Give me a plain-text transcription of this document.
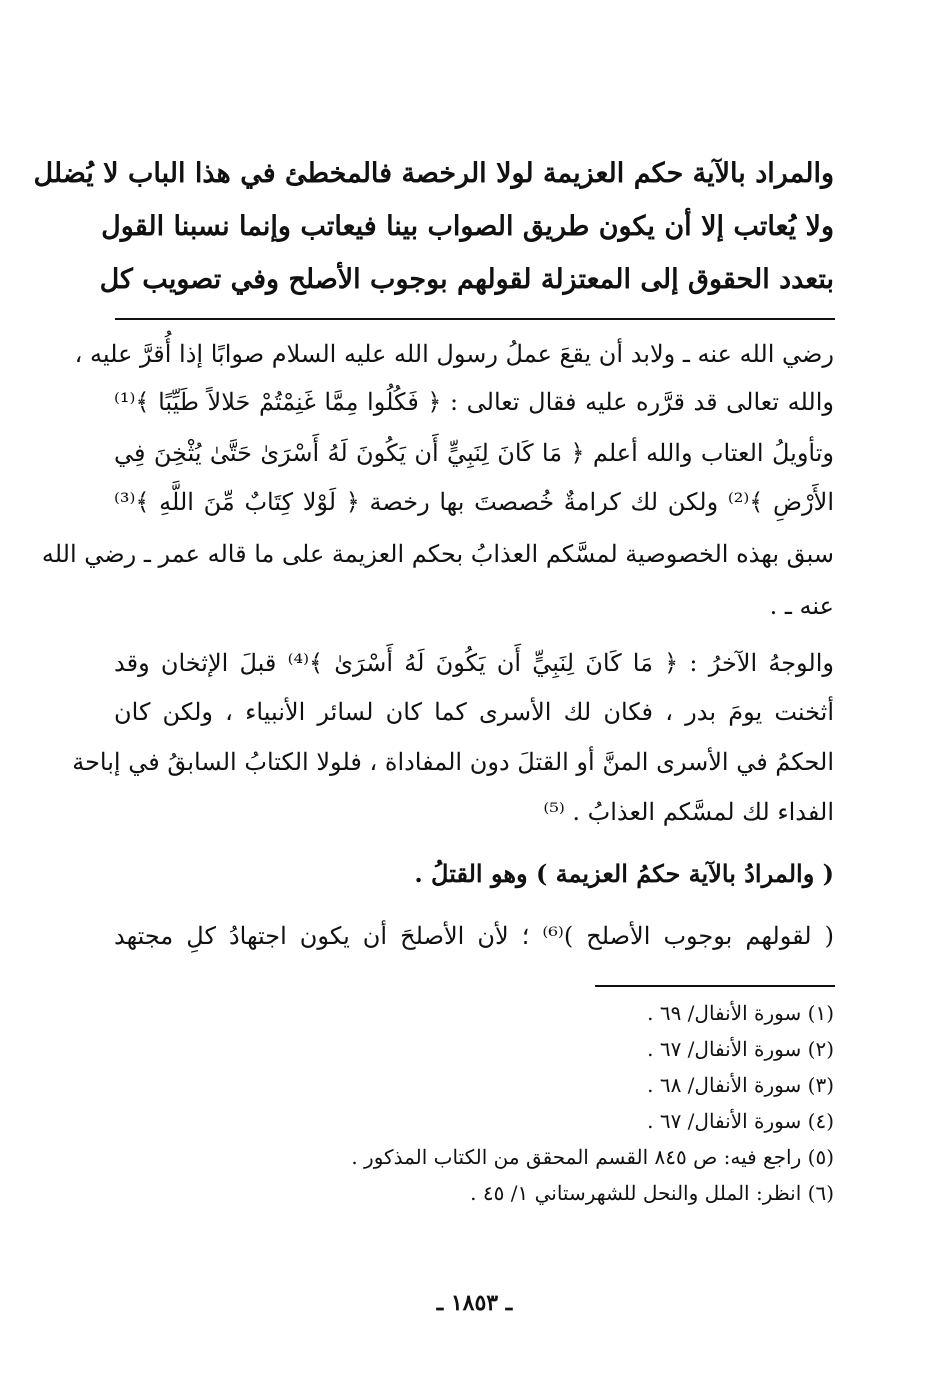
والمراد بالآية حكم العزيمة لولا الرخصة فالمخطئ في هذا الباب لا يُضلل
ولا يُعاتب إلا أن يكون طريق الصواب بينا فيعاتب وإنما نسبنا القول
بتعدد الحقوق إلى المعتزلة لقولهم بوجوب الأصلح وفي تصويب كل
رضي الله عنه ـ ولابد أن يقعَ عملُ رسول الله عليه السلام صوابًا إذا أُقرَّ عليه ،
والله تعالى قد قرَّره عليه فقال تعالى : ﴿ فَكُلُوا مِمَّا غَنِمْتُمْ حَلالاً طَيِّبًا ﴾⁽¹⁾
وتأويلُ العتاب والله أعلم ﴿ مَا كَانَ لِنَبِيٍّ أَن يَكُونَ لَهُ أَسْرَىٰ حَتَّىٰ يُثْخِنَ فِي
الأَرْضِ ﴾⁽²⁾ ولكن لك كرامةٌ خُصصتَ بها رخصة ﴿ لَوْلا كِتَابٌ مِّنَ اللَّهِ ﴾⁽³⁾
سبق بهذه الخصوصية لمسَّكم العذابُ بحكم العزيمة على ما قاله عمر ـ رضي الله
عنه ـ .
والوجهُ الآخرُ : ﴿ مَا كَانَ لِنَبِيٍّ أَن يَكُونَ لَهُ أَسْرَىٰ ﴾⁽⁴⁾ قبلَ الإثخان وقد
أثخنت يومَ بدر ، فكان لك الأسرى كما كان لسائر الأنبياء ، ولكن كان
الحكمُ في الأسرى المنَّ أو القتلَ دون المفاداة ، فلولا الكتابُ السابقُ في إباحة
الفداء لك لمسَّكم العذابُ . ⁽⁵⁾
( والمرادُ بالآية حكمُ العزيمة ) وهو القتلُ .
( لقولهم بوجوب الأصلح )⁽⁶⁾ ؛ لأن الأصلحَ أن يكون اجتهادُ كلِ مجتهد
(١) سورة الأنفال/ ٦٩ .
(٢) سورة الأنفال/ ٦٧ .
(٣) سورة الأنفال/ ٦٨ .
(٤) سورة الأنفال/ ٦٧ .
(٥) راجع فيه: ص ٨٤٥ القسم المحقق من الكتاب المذكور .
(٦) انظر: الملل والنحل للشهرستاني ١/ ٤٥ .
ـ ١٨٥٣ ـ
